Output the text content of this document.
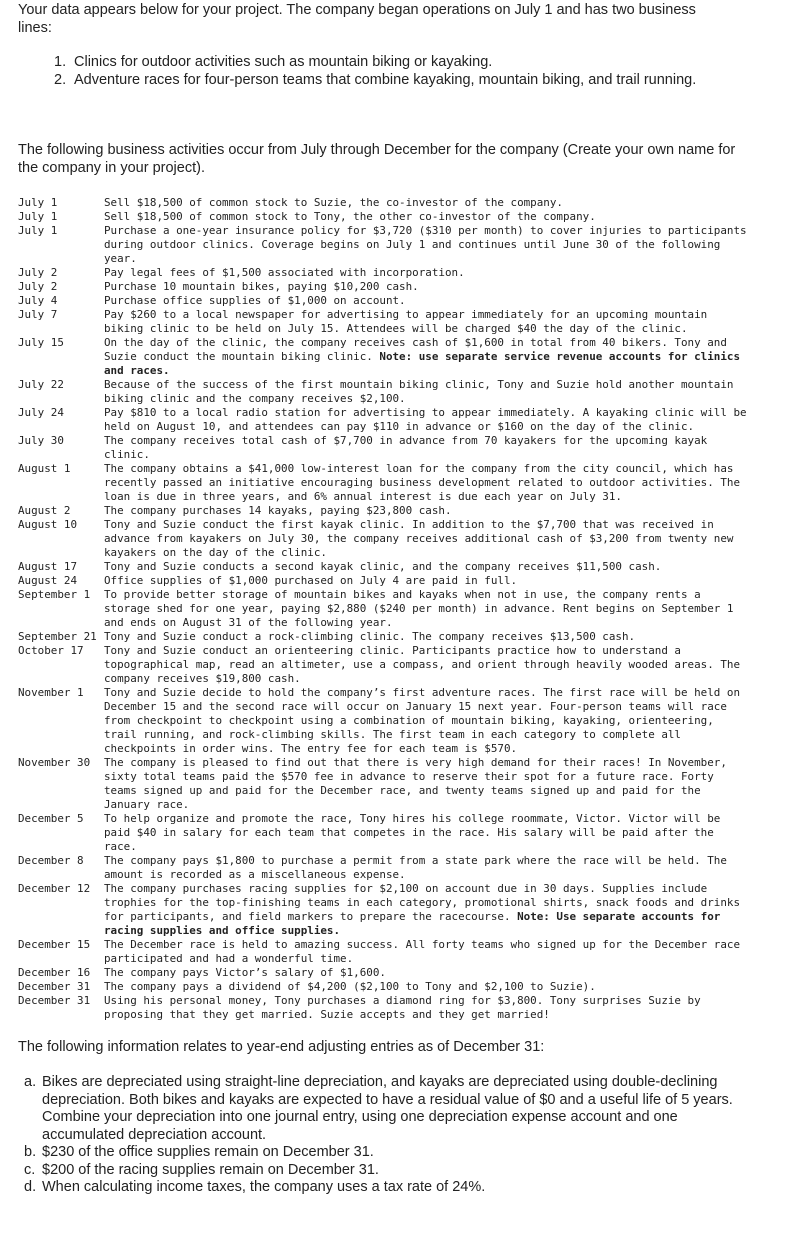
Your data appears below for your project. The company began operations on July 1 and has two business lines:

1. Clinics for outdoor activities such as mountain biking or kayaking.
2. Adventure races for four-person teams that combine kayaking, mountain biking, and trail running.

The following business activities occur from July through December for the company (Create your own name for the company in your project).

July 1	Sell $18,500 of common stock to Suzie, the co-investor of the company.
July 1	Sell $18,500 of common stock to Tony, the other co-investor of the company.
July 1	Purchase a one-year insurance policy for $3,720 ($310 per month) to cover injuries to participants during outdoor clinics. Coverage begins on July 1 and continues until June 30 of the following year.
July 2	Pay legal fees of $1,500 associated with incorporation.
July 2	Purchase 10 mountain bikes, paying $10,200 cash.
July 4	Purchase office supplies of $1,000 on account.
July 7	Pay $260 to a local newspaper for advertising to appear immediately for an upcoming mountain biking clinic to be held on July 15. Attendees will be charged $40 the day of the clinic.
July 15	On the day of the clinic, the company receives cash of $1,600 in total from 40 bikers. Tony and Suzie conduct the mountain biking clinic. Note: use separate service revenue accounts for clinics and races.
July 22	Because of the success of the first mountain biking clinic, Tony and Suzie hold another mountain biking clinic and the company receives $2,100.
July 24	Pay $810 to a local radio station for advertising to appear immediately. A kayaking clinic will be held on August 10, and attendees can pay $110 in advance or $160 on the day of the clinic.
July 30	The company receives total cash of $7,700 in advance from 70 kayakers for the upcoming kayak clinic.
August 1	The company obtains a $41,000 low-interest loan for the company from the city council, which has recently passed an initiative encouraging business development related to outdoor activities. The loan is due in three years, and 6% annual interest is due each year on July 31.
August 2	The company purchases 14 kayaks, paying $23,800 cash.
August 10	Tony and Suzie conduct the first kayak clinic. In addition to the $7,700 that was received in advance from kayakers on July 30, the company receives additional cash of $3,200 from twenty new kayakers on the day of the clinic.
August 17	Tony and Suzie conducts a second kayak clinic, and the company receives $11,500 cash.
August 24	Office supplies of $1,000 purchased on July 4 are paid in full.
September 1	To provide better storage of mountain bikes and kayaks when not in use, the company rents a storage shed for one year, paying $2,880 ($240 per month) in advance. Rent begins on September 1 and ends on August 31 of the following year.
September 21	Tony and Suzie conduct a rock-climbing clinic. The company receives $13,500 cash.
October 17	Tony and Suzie conduct an orienteering clinic. Participants practice how to understand a topographical map, read an altimeter, use a compass, and orient through heavily wooded areas. The company receives $19,800 cash.
November 1	Tony and Suzie decide to hold the company’s first adventure races. The first race will be held on December 15 and the second race will occur on January 15 next year. Four-person teams will race from checkpoint to checkpoint using a combination of mountain biking, kayaking, orienteering, trail running, and rock-climbing skills. The first team in each category to complete all checkpoints in order wins. The entry fee for each team is $570.
November 30	The company is pleased to find out that there is very high demand for their races! In November, sixty total teams paid the $570 fee in advance to reserve their spot for a future race. Forty teams signed up and paid for the December race, and twenty teams signed up and paid for the January race.
December 5	To help organize and promote the race, Tony hires his college roommate, Victor. Victor will be paid $40 in salary for each team that competes in the race. His salary will be paid after the race.
December 8	The company pays $1,800 to purchase a permit from a state park where the race will be held. The amount is recorded as a miscellaneous expense.
December 12	The company purchases racing supplies for $2,100 on account due in 30 days. Supplies include trophies for the top-finishing teams in each category, promotional shirts, snack foods and drinks for participants, and field markers to prepare the racecourse. Note: Use separate accounts for racing supplies and office supplies.
December 15	The December race is held to amazing success. All forty teams who signed up for the December race participated and had a wonderful time.
December 16	The company pays Victor’s salary of $1,600.
December 31	The company pays a dividend of $4,200 ($2,100 to Tony and $2,100 to Suzie).
December 31	Using his personal money, Tony purchases a diamond ring for $3,800. Tony surprises Suzie by proposing that they get married. Suzie accepts and they get married!

The following information relates to year-end adjusting entries as of December 31:

a. Bikes are depreciated using straight-line depreciation, and kayaks are depreciated using double-declining depreciation. Both bikes and kayaks are expected to have a residual value of $0 and a useful life of 5 years. Combine your depreciation into one journal entry, using one depreciation expense account and one accumulated depreciation account.
b. $230 of the office supplies remain on December 31.
c. $200 of the racing supplies remain on December 31.
d. When calculating income taxes, the company uses a tax rate of 24%.
